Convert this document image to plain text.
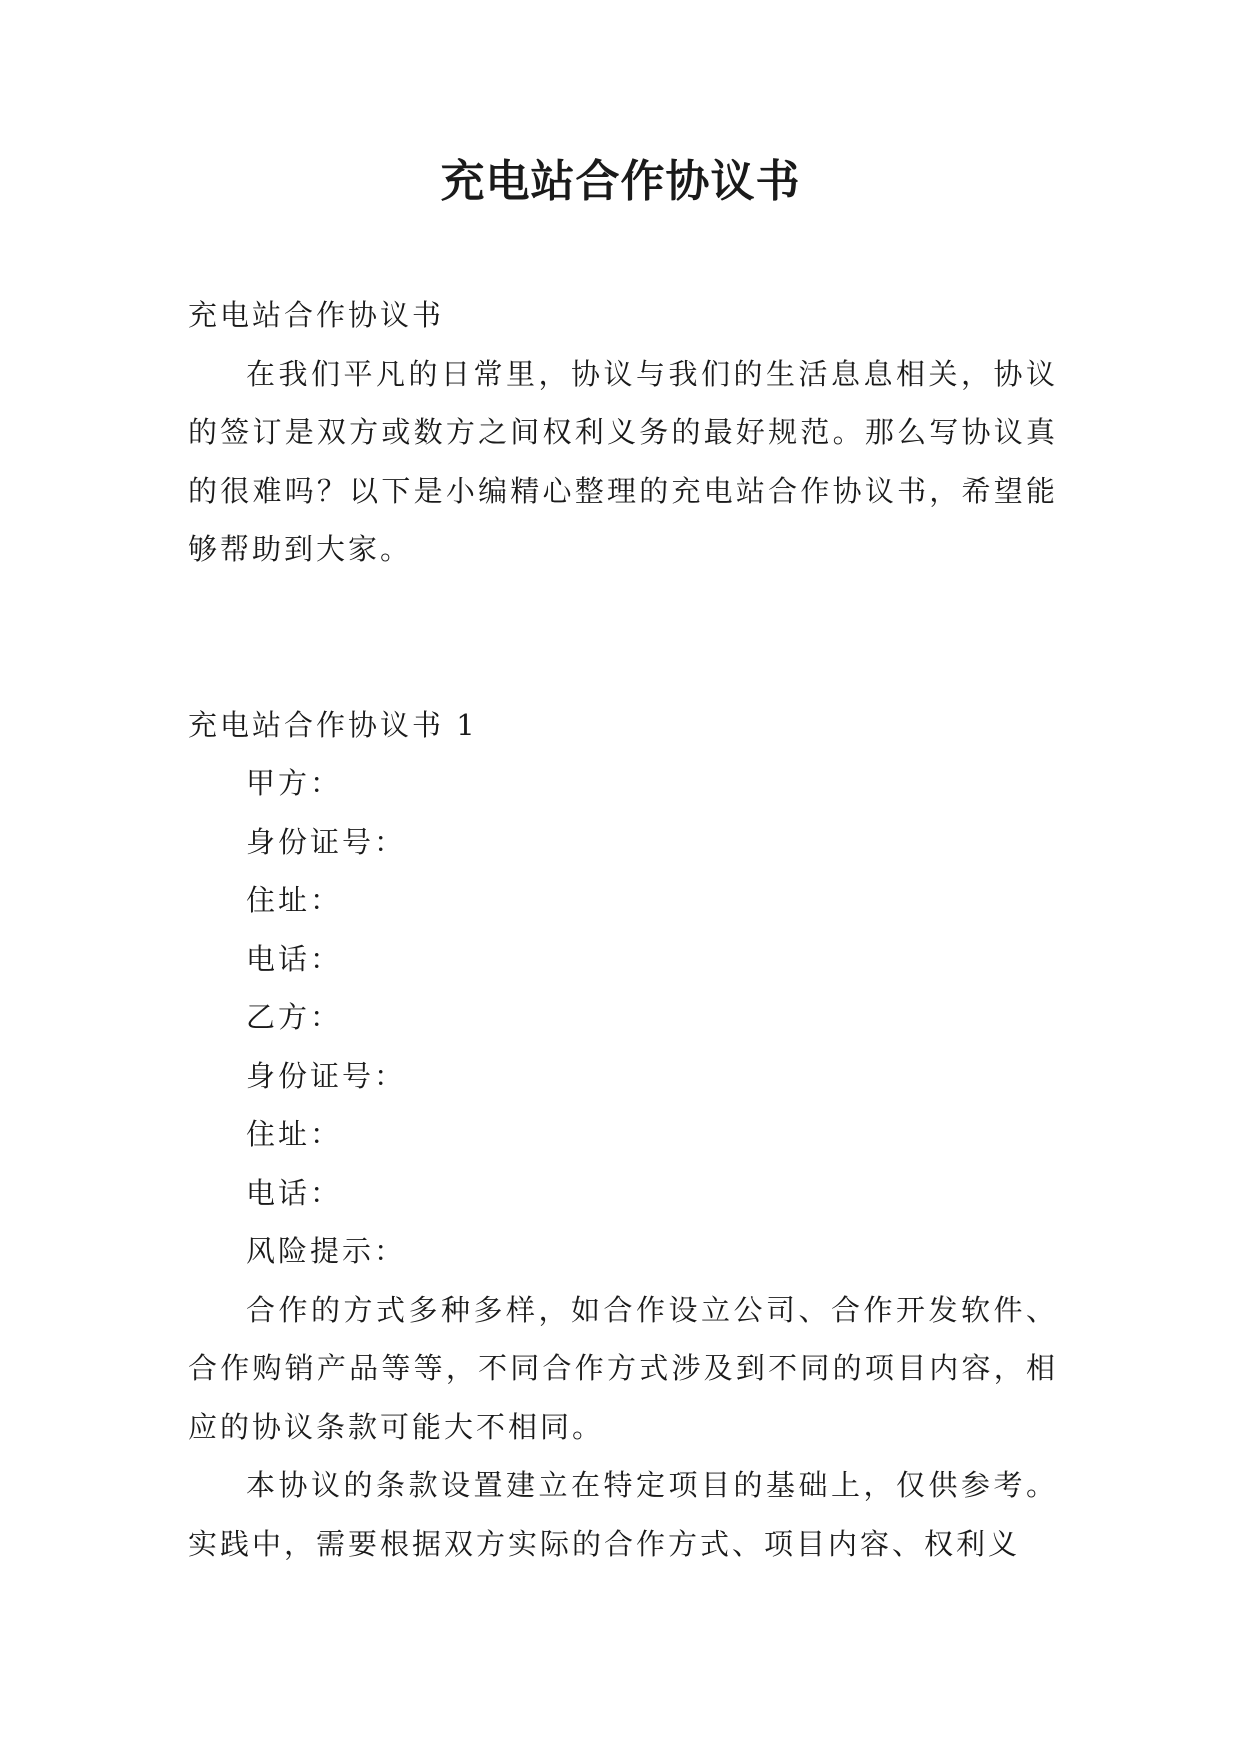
充电站合作协议书

充电站合作协议书

在我们平凡的日常里，协议与我们的生活息息相关，协议的签订是双方或数方之间权利义务的最好规范。那么写协议真的很难吗？以下是小编精心整理的充电站合作协议书，希望能够帮助到大家。

充电站合作协议书 1

甲方：

身份证号：

住址：

电话：

乙方：

身份证号：

住址：

电话：

风险提示：

合作的方式多种多样，如合作设立公司、合作开发软件、合作购销产品等等，不同合作方式涉及到不同的项目内容，相应的协议条款可能大不相同。

本协议的条款设置建立在特定项目的基础上，仅供参考。实践中，需要根据双方实际的合作方式、项目内容、权利义
